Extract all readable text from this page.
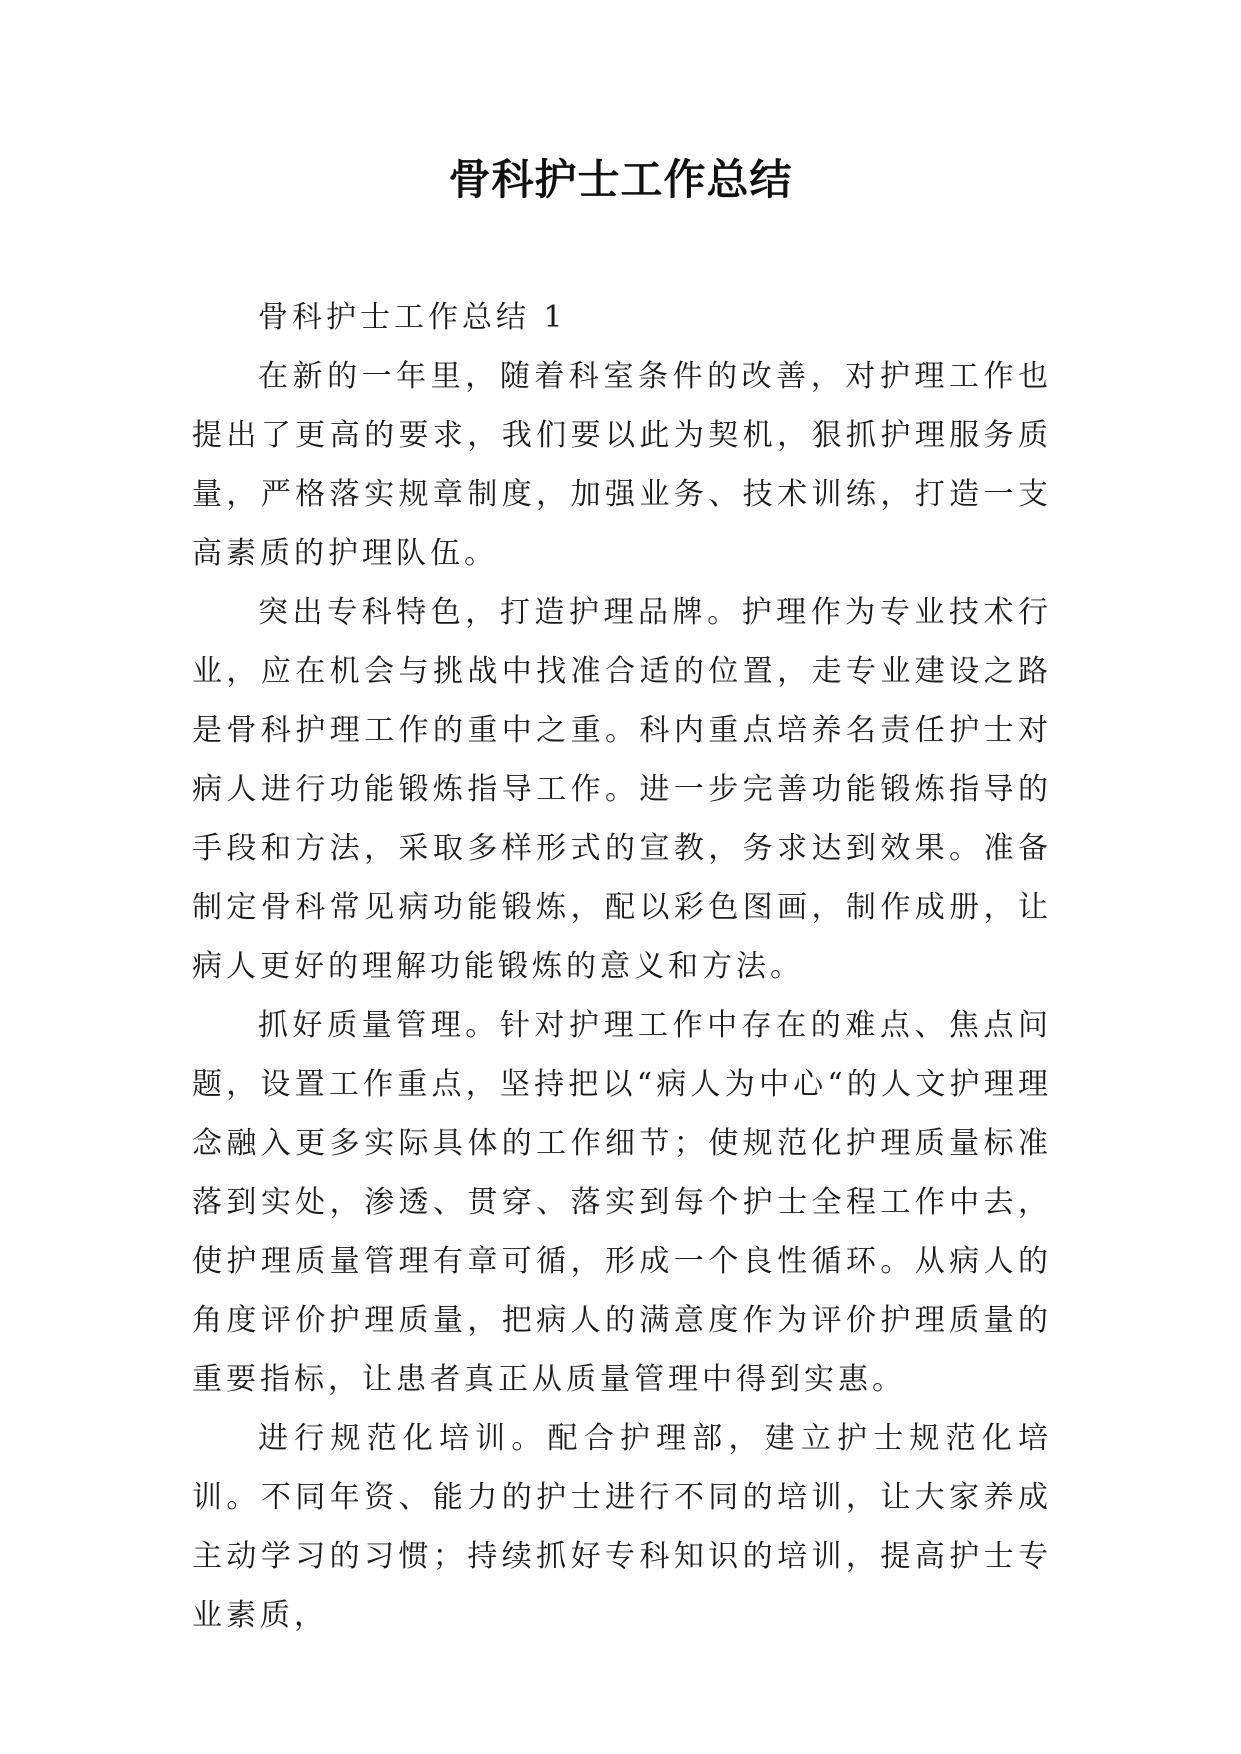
骨科护士工作总结

骨科护士工作总结 1

在新的一年里，随着科室条件的改善，对护理工作也提出了更高的要求，我们要以此为契机，狠抓护理服务质量，严格落实规章制度，加强业务、技术训练，打造一支高素质的护理队伍。

突出专科特色，打造护理品牌。护理作为专业技术行业，应在机会与挑战中找准合适的位置，走专业建设之路是骨科护理工作的重中之重。科内重点培养名责任护士对病人进行功能锻炼指导工作。进一步完善功能锻炼指导的手段和方法，采取多样形式的宣教，务求达到效果。准备制定骨科常见病功能锻炼，配以彩色图画，制作成册，让病人更好的理解功能锻炼的意义和方法。

抓好质量管理。针对护理工作中存在的难点、焦点问题，设置工作重点，坚持把以“病人为中心“的人文护理理念融入更多实际具体的工作细节；使规范化护理质量标准落到实处，渗透、贯穿、落实到每个护士全程工作中去，使护理质量管理有章可循，形成一个良性循环。从病人的角度评价护理质量，把病人的满意度作为评价护理质量的重要指标，让患者真正从质量管理中得到实惠。

进行规范化培训。配合护理部，建立护士规范化培训。不同年资、能力的护士进行不同的培训，让大家养成主动学习的习惯；持续抓好专科知识的培训，提高护士专业素质，
